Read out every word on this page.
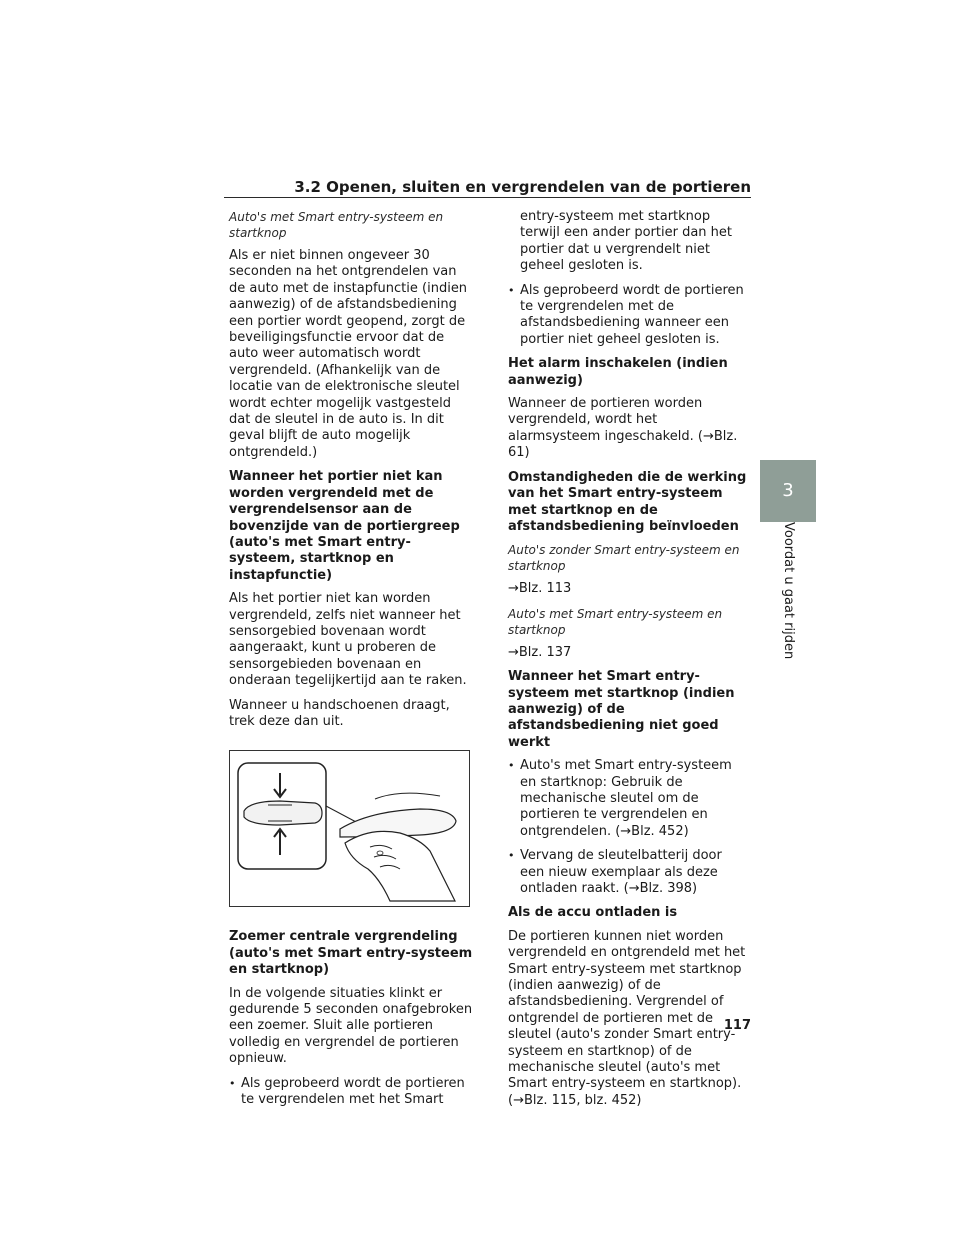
3.2 Openen, sluiten en vergrendelen van de portieren

Auto's met Smart entry-systeem en startknop

Als er niet binnen ongeveer 30 seconden na het ontgrendelen van de auto met de instapfunctie (indien aanwezig) of de afstandsbediening een portier wordt geopend, zorgt de beveiligingsfunctie ervoor dat de auto weer automatisch wordt vergrendeld. (Afhankelijk van de locatie van de elektronische sleutel wordt echter mogelijk vastgesteld dat de sleutel in de auto is. In dit geval blijft de auto mogelijk ontgrendeld.)

Wanneer het portier niet kan worden vergrendeld met de vergrendelsensor aan de bovenzijde van de portiergreep (auto's met Smart entry-systeem, startknop en instapfunctie)

Als het portier niet kan worden vergrendeld, zelfs niet wanneer het sensorgebied bovenaan wordt aangeraakt, kunt u proberen de sensorgebieden bovenaan en onderaan tegelijkertijd aan te raken.

Wanneer u handschoenen draagt, trek deze dan uit.

Zoemer centrale vergrendeling (auto's met Smart entry-systeem en startknop)

In de volgende situaties klinkt er gedurende 5 seconden onafgebroken een zoemer. Sluit alle portieren volledig en vergrendel de portieren opnieuw.

• Als geprobeerd wordt de portieren te vergrendelen met het Smart

entry-systeem met startknop terwijl een ander portier dan het portier dat u vergrendelt niet geheel gesloten is.

• Als geprobeerd wordt de portieren te vergrendelen met de afstandsbediening wanneer een portier niet geheel gesloten is.

Het alarm inschakelen (indien aanwezig)

Wanneer de portieren worden vergrendeld, wordt het alarmsysteem ingeschakeld. (→Blz. 61)

Omstandigheden die de werking van het Smart entry-systeem met startknop en de afstandsbediening beïnvloeden

Auto's zonder Smart entry-systeem en startknop

→Blz. 113

Auto's met Smart entry-systeem en startknop

→Blz. 137

Wanneer het Smart entry-systeem met startknop (indien aanwezig) of de afstandsbediening niet goed werkt

• Auto's met Smart entry-systeem en startknop: Gebruik de mechanische sleutel om de portieren te vergrendelen en ontgrendelen. (→Blz. 452)

• Vervang de sleutelbatterij door een nieuw exemplaar als deze ontladen raakt. (→Blz. 398)

Als de accu ontladen is

De portieren kunnen niet worden vergrendeld en ontgrendeld met het Smart entry-systeem met startknop (indien aanwezig) of de afstandsbediening. Vergrendel of ontgrendel de portieren met de sleutel (auto's zonder Smart entry-systeem en startknop) of de mechanische sleutel (auto's met Smart entry-systeem en startknop). (→Blz. 115, blz. 452)

3
Voordat u gaat rijden
117
